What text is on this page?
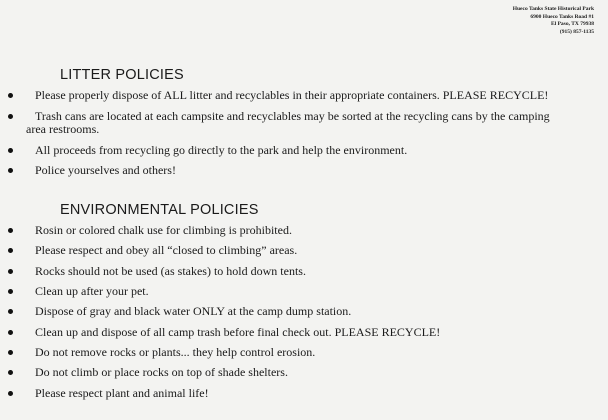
Hueco Tanks State Historical Park
6900 Hueco Tanks Road #1
El Paso, TX 79938
(915) 857-1135
LITTER POLICIES
Please properly dispose of ALL litter and recyclables in their appropriate containers. PLEASE RECYCLE!
Trash cans are located at each campsite and recyclables may be sorted at the recycling cans by the camping
area restrooms.
All proceeds from recycling go directly to the park and help the environment.
Police yourselves and others!
ENVIRONMENTAL POLICIES
Rosin or colored chalk use for climbing is prohibited.
Please respect and obey all “closed to climbing” areas.
Rocks should not be used (as stakes) to hold down tents.
Clean up after your pet.
Dispose of gray and black water ONLY at the camp dump station.
Clean up and dispose of all camp trash before final check out. PLEASE RECYCLE!
Do not remove rocks or plants... they help control erosion.
Do not climb or place rocks on top of shade shelters.
Please respect plant and animal life!
